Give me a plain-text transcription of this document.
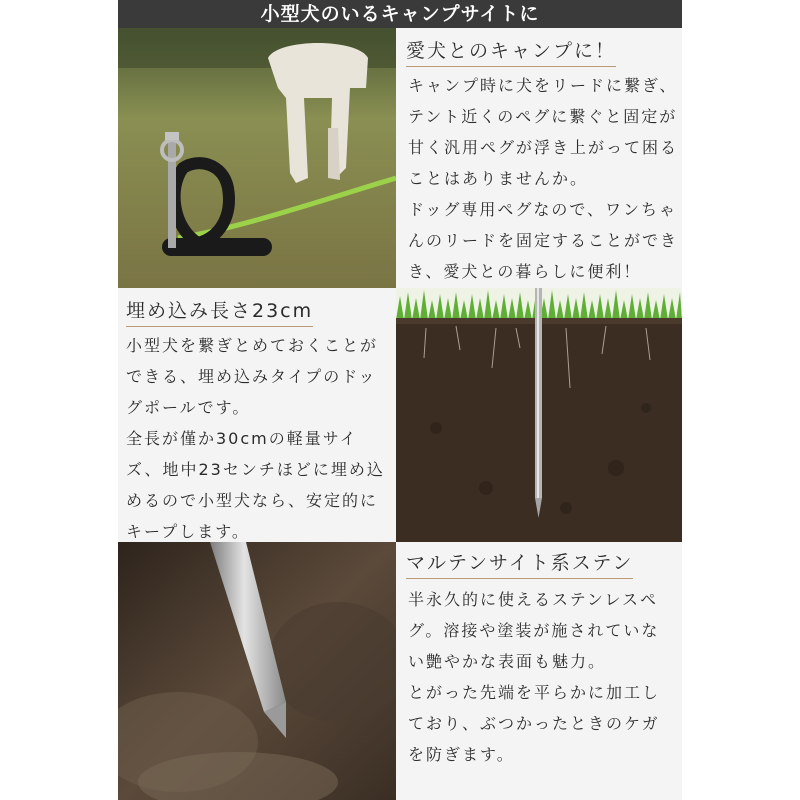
小型犬のいるキャンプサイトに
愛犬とのキャンプに！

キャンプ時に犬をリードに繋ぎ、

テント近くのペグに繋ぐと固定が

甘く汎用ペグが浮き上がって困る

ことはありませんか。

ドッグ専用ペグなので、ワンちゃ

んのリードを固定することができ

き、愛犬との暮らしに便利！

埋め込み長さ23cm

小型犬を繋ぎとめておくことが

できる、埋め込みタイプのドッ

グポールです。

全長が僅か30cmの軽量サイ

ズ、地中23センチほどに埋め込

めるので小型犬なら、安定的に

キープします。

マルテンサイト系ステン

半永久的に使えるステンレスペ

グ。溶接や塗装が施されていな

い艶やかな表面も魅力。

とがった先端を平らかに加工し

ており、ぶつかったときのケガ

を防ぎます。
